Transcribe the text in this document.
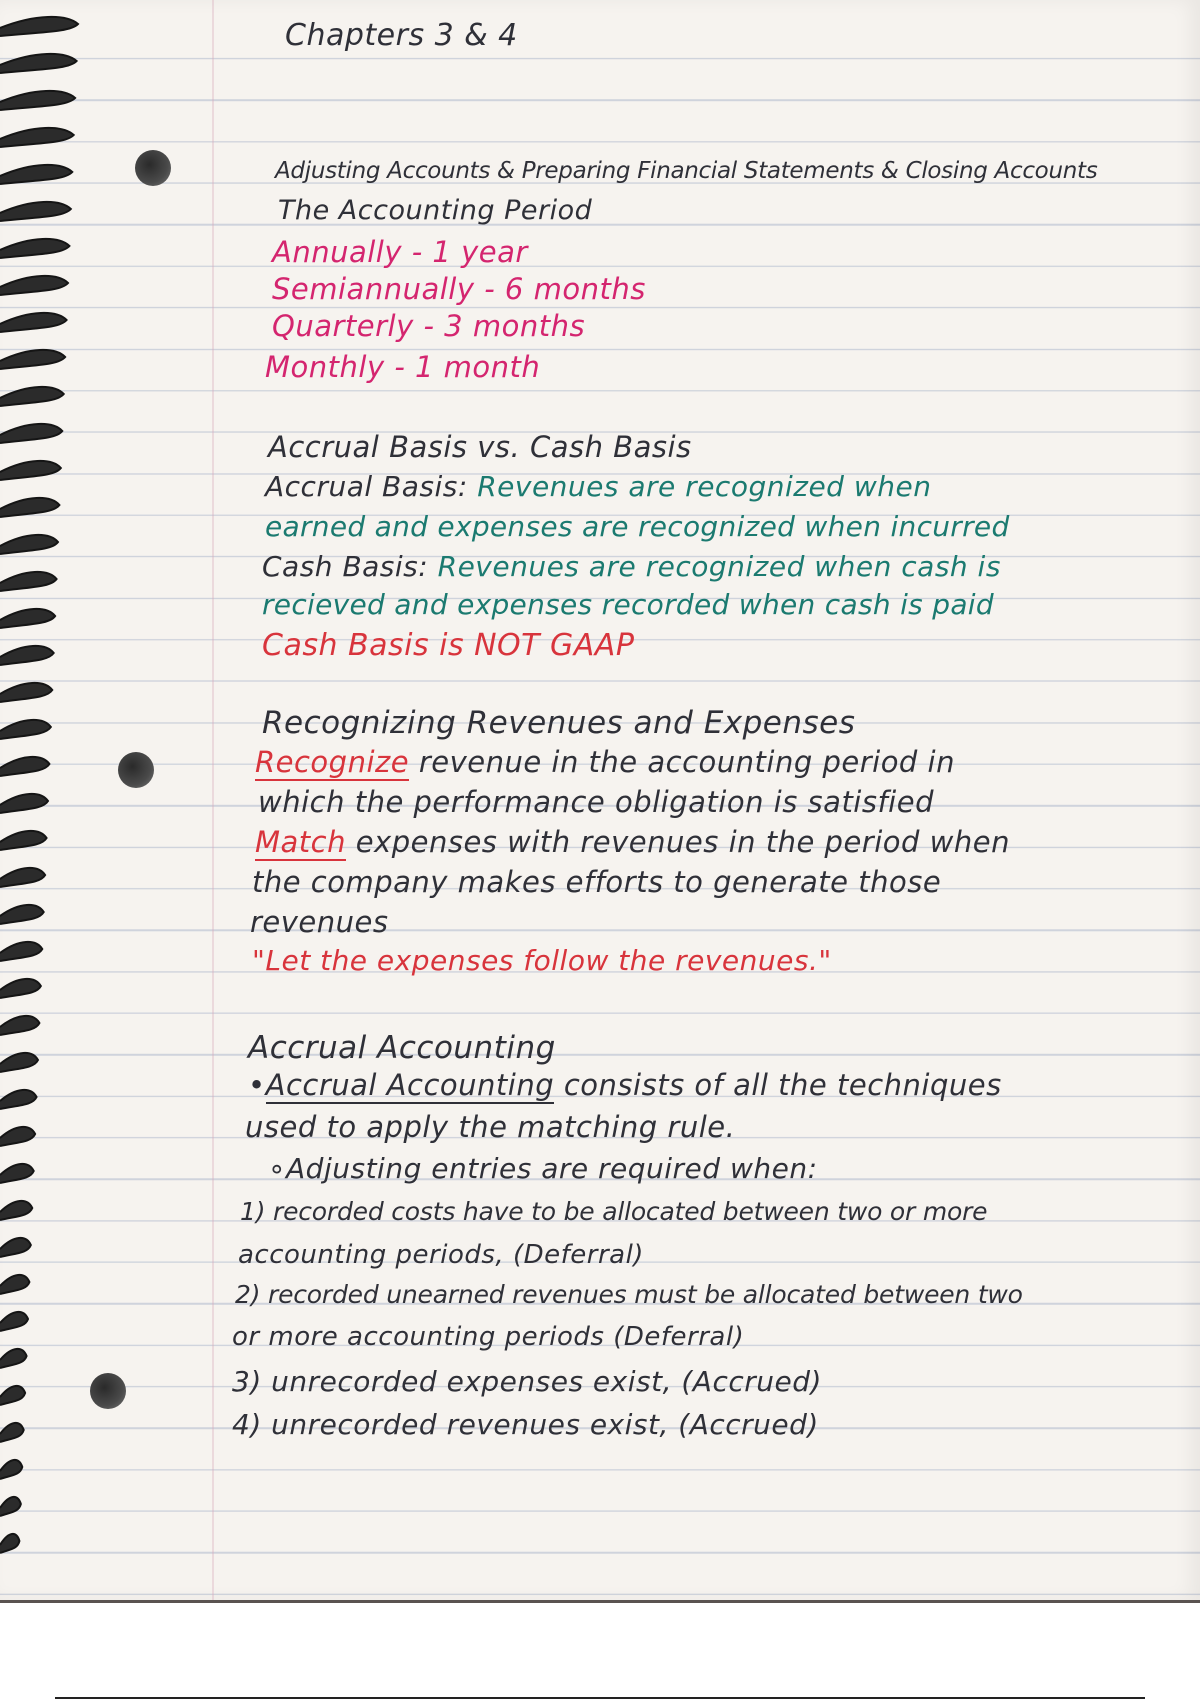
Chapters 3 & 4
Adjusting Accounts & Preparing Financial Statements & Closing Accounts
The Accounting Period
Annually - 1 year
Semiannually - 6 months
Quarterly - 3 months
Monthly - 1 month
Accrual Basis vs. Cash Basis
Accrual Basis: Revenues are recognized when
earned and expenses are recognized when incurred
Cash Basis: Revenues are recognized when cash is
recieved and expenses recorded when cash is paid
Cash Basis is NOT GAAP
Recognizing Revenues and Expenses
Recognize revenue in the accounting period in
which the performance obligation is satisfied
Match expenses with revenues in the period when
the company makes efforts to generate those
revenues
"Let the expenses follow the revenues."
Accrual Accounting
•Accrual Accounting consists of all the techniques
used to apply the matching rule.
∘Adjusting entries are required when:
1) recorded costs have to be allocated between two or more
accounting periods, (Deferral)
2) recorded unearned revenues must be allocated between two
or more accounting periods (Deferral)
3) unrecorded expenses exist, (Accrued)
4) unrecorded revenues exist, (Accrued)
